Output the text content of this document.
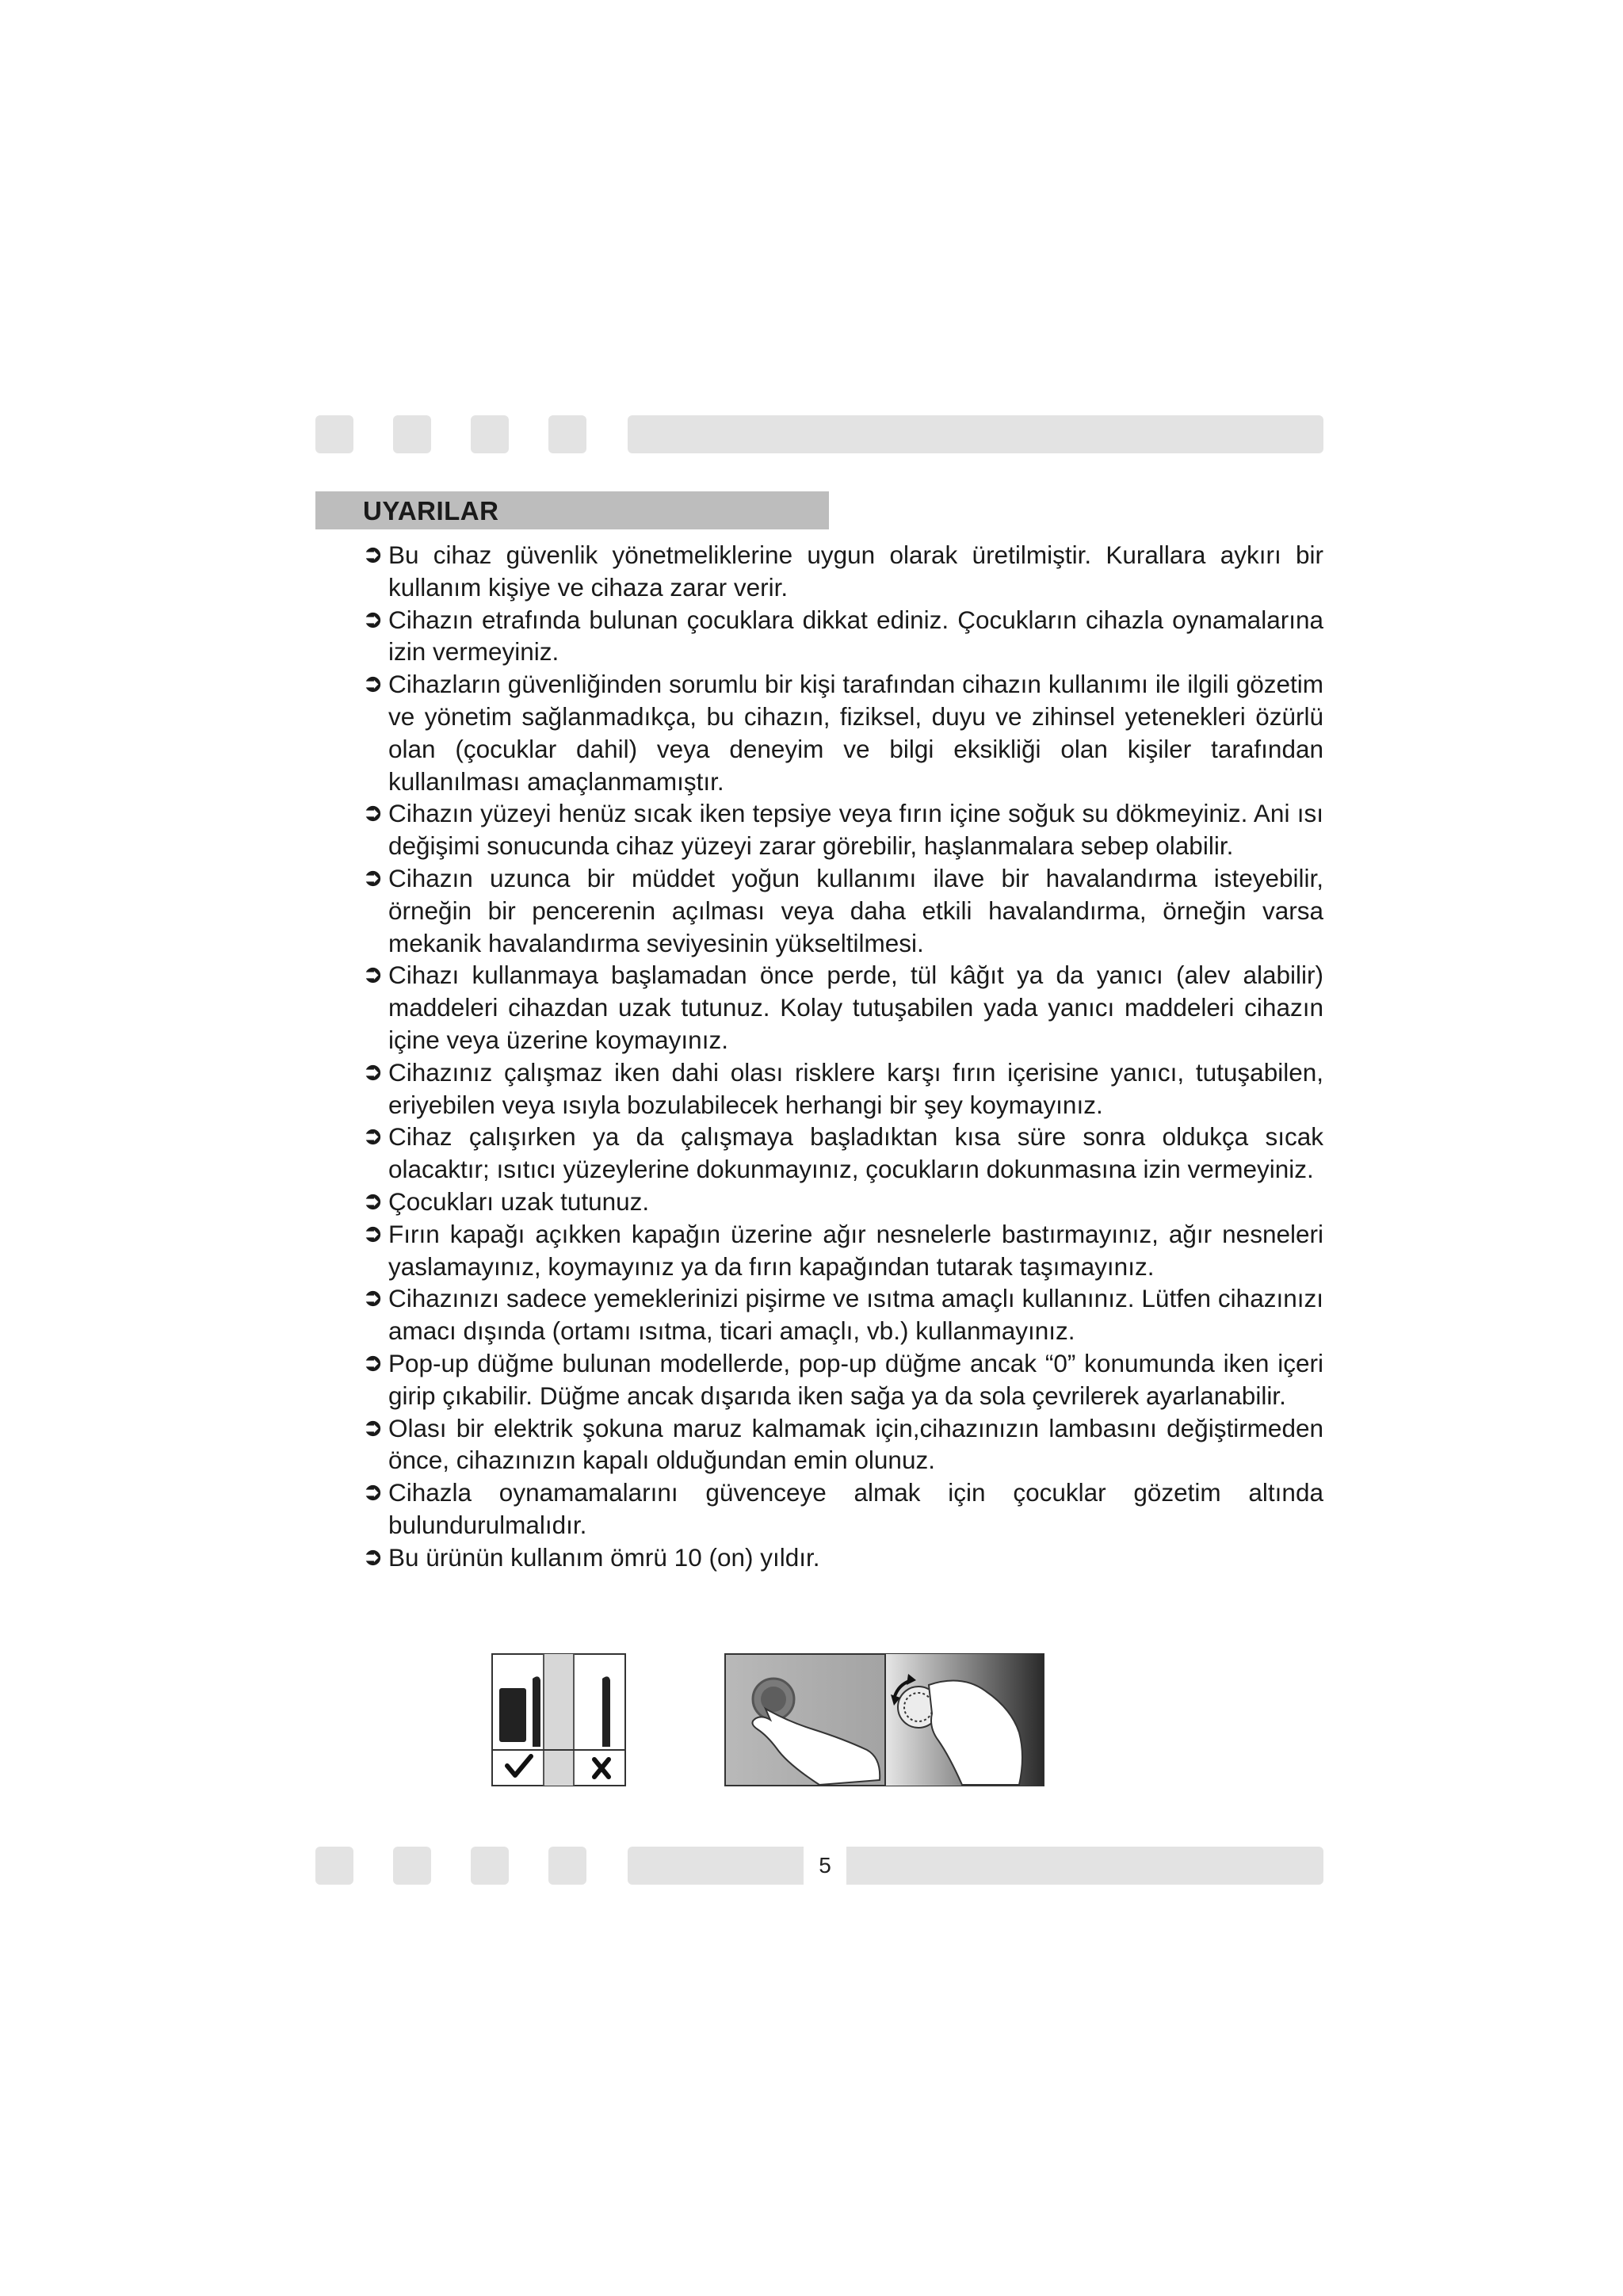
UYARILAR
➲ Bu cihaz güvenlik yönetmeliklerine uygun olarak üretilmiştir. Kurallara aykırı bir kullanım kişiye ve cihaza zarar verir.
➲ Cihazın etrafında bulunan çocuklara dikkat ediniz. Çocukların cihazla oynamalarına izin vermeyiniz.
➲ Cihazların güvenliğinden sorumlu bir kişi tarafından cihazın kullanımı ile ilgili gözetim ve yönetim sağlanmadıkça, bu cihazın, fiziksel, duyu ve zihinsel yetenekleri özürlü olan (çocuklar dahil) veya deneyim ve bilgi eksikliği olan kişiler tarafından kullanılması amaçlanmamıştır.
➲ Cihazın yüzeyi henüz sıcak iken tepsiye veya fırın içine soğuk su dökmeyiniz. Ani ısı değişimi sonucunda cihaz yüzeyi zarar görebilir, haşlanmalara sebep olabilir.
➲ Cihazın uzunca bir müddet yoğun kullanımı ilave bir havalandırma isteyebilir, örneğin bir pencerenin açılması veya daha etkili havalandırma, örneğin varsa mekanik havalandırma seviyesinin yükseltilmesi.
➲ Cihazı kullanmaya başlamadan önce perde, tül kâğıt ya da yanıcı (alev alabilir) maddeleri cihazdan uzak tutunuz. Kolay tutuşabilen yada yanıcı maddeleri cihazın içine veya üzerine koymayınız.
➲ Cihazınız çalışmaz iken dahi olası risklere karşı fırın içerisine yanıcı, tutuşabilen, eriyebilen veya ısıyla bozulabilecek herhangi bir şey koymayınız.
➲ Cihaz çalışırken ya da çalışmaya başladıktan kısa süre sonra oldukça sıcak olacaktır; ısıtıcı yüzeylerine dokunmayınız, çocukların dokunmasına izin vermeyiniz.
➲ Çocukları uzak tutunuz.
➲ Fırın kapağı açıkken kapağın üzerine ağır nesnelerle bastırmayınız, ağır nesneleri yaslamayınız, koymayınız ya da fırın kapağından tutarak taşımayınız.
➲ Cihazınızı sadece yemeklerinizi pişirme ve ısıtma amaçlı kullanınız. Lütfen cihazınızı amacı dışında (ortamı ısıtma, ticari amaçlı, vb.) kullanmayınız.
➲ Pop-up düğme bulunan modellerde, pop-up düğme ancak “0” konumunda iken içeri girip çıkabilir. Düğme ancak dışarıda iken sağa ya da sola çevrilerek ayarlanabilir.
➲ Olası bir elektrik şokuna maruz kalmamak için,cihazınızın lambasını değiştirmeden önce, cihazınızın kapalı olduğundan emin olunuz.
➲ Cihazla oynamamalarını güvenceye almak için çocuklar gözetim altında bulundurulmalıdır.
➲ Bu ürünün kullanım ömrü 10 (on) yıldır.
5
